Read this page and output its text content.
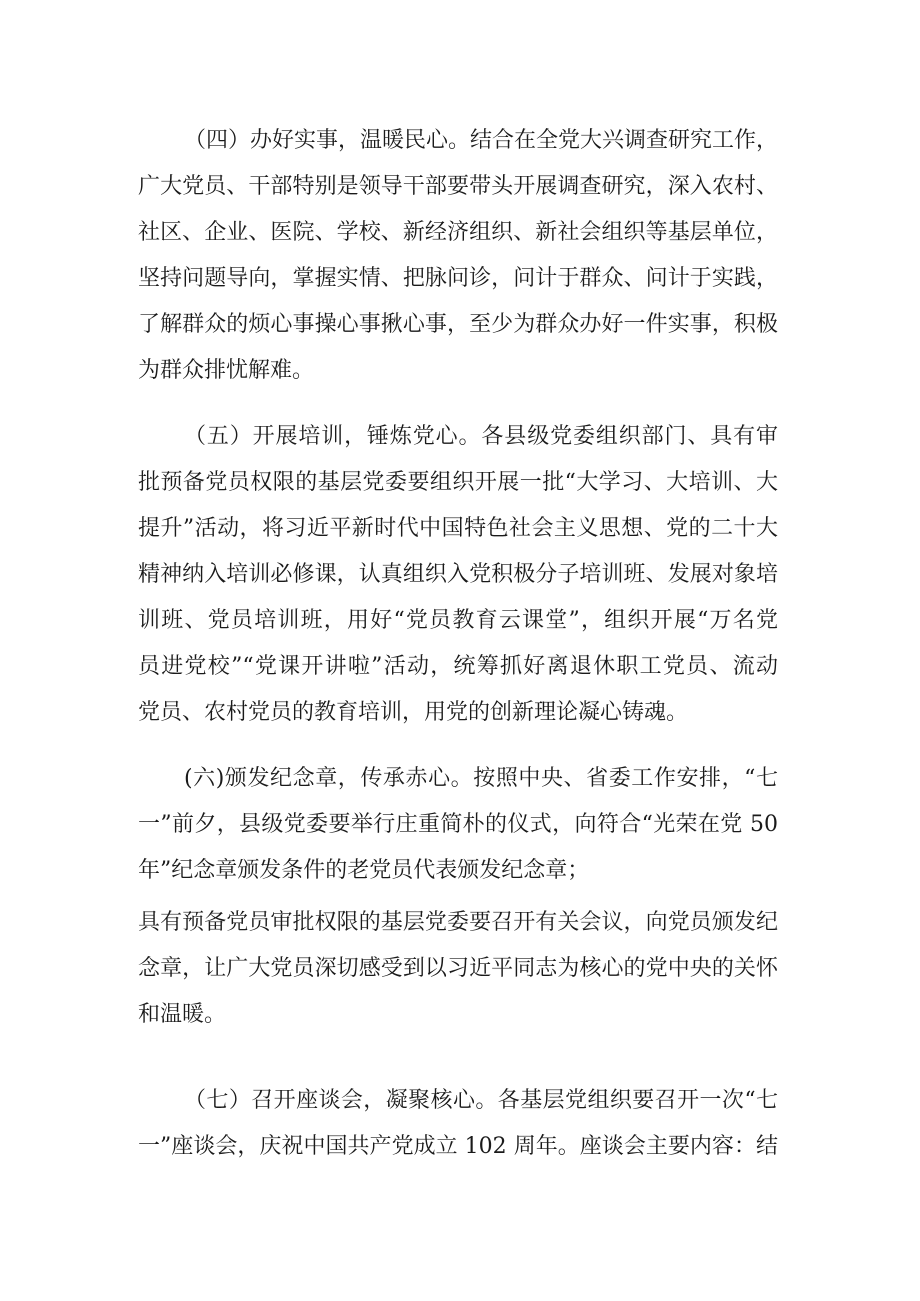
（四）办好实事，温暖民心。结合在全党大兴调查研究工作，
广大党员、干部特别是领导干部要带头开展调查研究，深入农村、
社区、企业、医院、学校、新经济组织、新社会组织等基层单位，
坚持问题导向，掌握实情、把脉问诊，问计于群众、问计于实践，
了解群众的烦心事操心事揪心事，至少为群众办好一件实事，积极
为群众排忧解难。
（五）开展培训，锤炼党心。各县级党委组织部门、具有审
批预备党员权限的基层党委要组织开展一批“大学习、大培训、大
提升”活动，将习近平新时代中国特色社会主义思想、党的二十大
精神纳入培训必修课，认真组织入党积极分子培训班、发展对象培
训班、党员培训班，用好“党员教育云课堂”，组织开展“万名党
员进党校”“党课开讲啦”活动，统筹抓好离退休职工党员、流动
党员、农村党员的教育培训，用党的创新理论凝心铸魂。
(六)颁发纪念章，传承赤心。按照中央、省委工作安排，“七
一”前夕，县级党委要举行庄重简朴的仪式，向符合“光荣在党 50
年”纪念章颁发条件的老党员代表颁发纪念章；
具有预备党员审批权限的基层党委要召开有关会议，向党员颁发纪
念章，让广大党员深切感受到以习近平同志为核心的党中央的关怀
和温暖。
（七）召开座谈会，凝聚核心。各基层党组织要召开一次“七
一”座谈会，庆祝中国共产党成立 102 周年。座谈会主要内容：结
